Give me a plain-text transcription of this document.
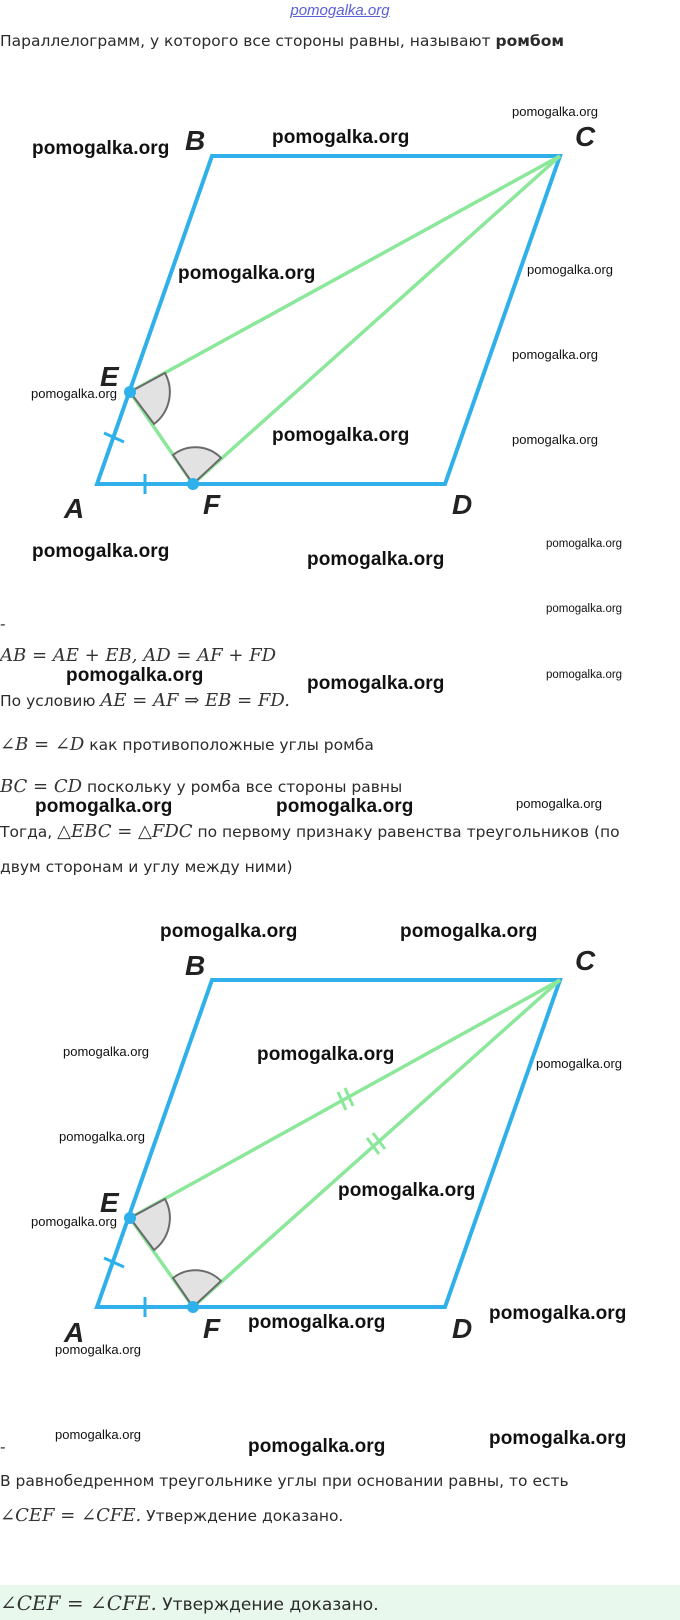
pomogalka.org
Параллелограмм, у которого все стороны равны, называют ромбом
A
B	C
D
E
F
-
AB = AE + EB, AD = AF + FD
По условию AE = AF ⇒ EB = FD.
∠B = ∠D как противоположные углы ромба
BC = CD поскольку у ромба все стороны равны
Тогда, △EBC = △FDC по первому признаку равенства треугольников (по
двум сторонам и углу между ними)
A
B	C
D
E
F
-
В равнобедренном треугольнике углы при основании равны, то есть
∠CEF = ∠CFE. Утверждение доказано.
∠CEF = ∠CFE. Утверждение доказано.
pomogalka.org
pomogalka.org
pomogalka.org
pomogalka.org	pomogalka.org
pomogalka.org
pomogalka.org
pomogalka.org	pomogalka.org
pomogalka.org	pomogalka.org
pomogalka.org
pomogalka.org
pomogalka.org	pomogalka.org	pomogalka.org
pomogalka.org	pomogalka.org	pomogalka.org
pomogalka.org	pomogalka.org
pomogalka.org	pomogalka.org	pomogalka.org
pomogalka.org
pomogalka.org
pomogalka.org
pomogalka.org	pomogalka.org
pomogalka.org
pomogalka.org
pomogalka.org	pomogalka.org
